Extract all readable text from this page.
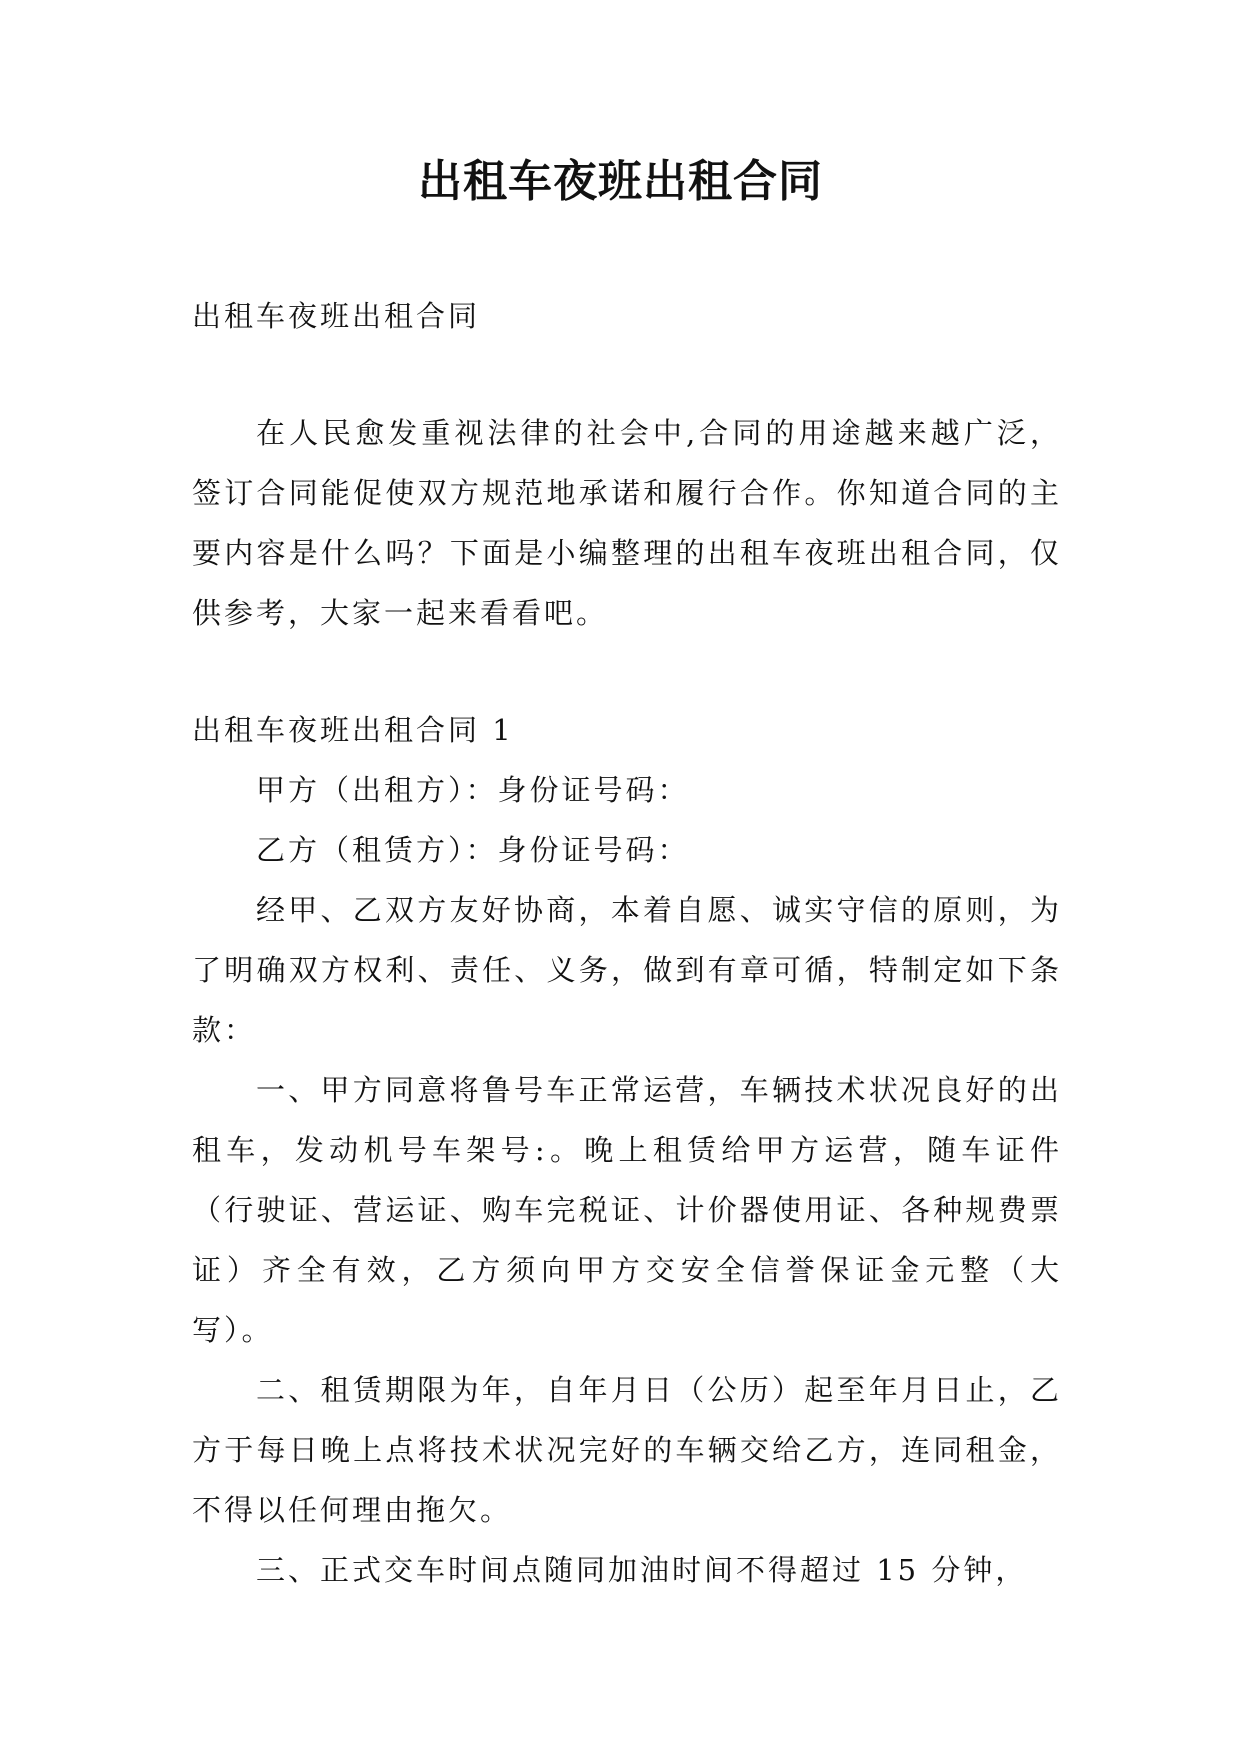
出租车夜班出租合同

出租车夜班出租合同

在人民愈发重视法律的社会中,合同的用途越来越广泛，签订合同能促使双方规范地承诺和履行合作。你知道合同的主要内容是什么吗？下面是小编整理的出租车夜班出租合同，仅供参考，大家一起来看看吧。

出租车夜班出租合同 1

甲方（出租方）：身份证号码：

乙方（租赁方）：身份证号码：

经甲、乙双方友好协商，本着自愿、诚实守信的原则，为了明确双方权利、责任、义务，做到有章可循，特制定如下条款：

一、甲方同意将鲁号车正常运营，车辆技术状况良好的出租车，发动机号车架号:。晚上租赁给甲方运营，随车证件（行驶证、营运证、购车完税证、计价器使用证、各种规费票证）齐全有效，乙方须向甲方交安全信誉保证金元整（大写）。

二、租赁期限为年，自年月日（公历）起至年月日止，乙方于每日晚上点将技术状况完好的车辆交给乙方，连同租金，不得以任何理由拖欠。

三、正式交车时间点随同加油时间不得超过 15 分钟，
